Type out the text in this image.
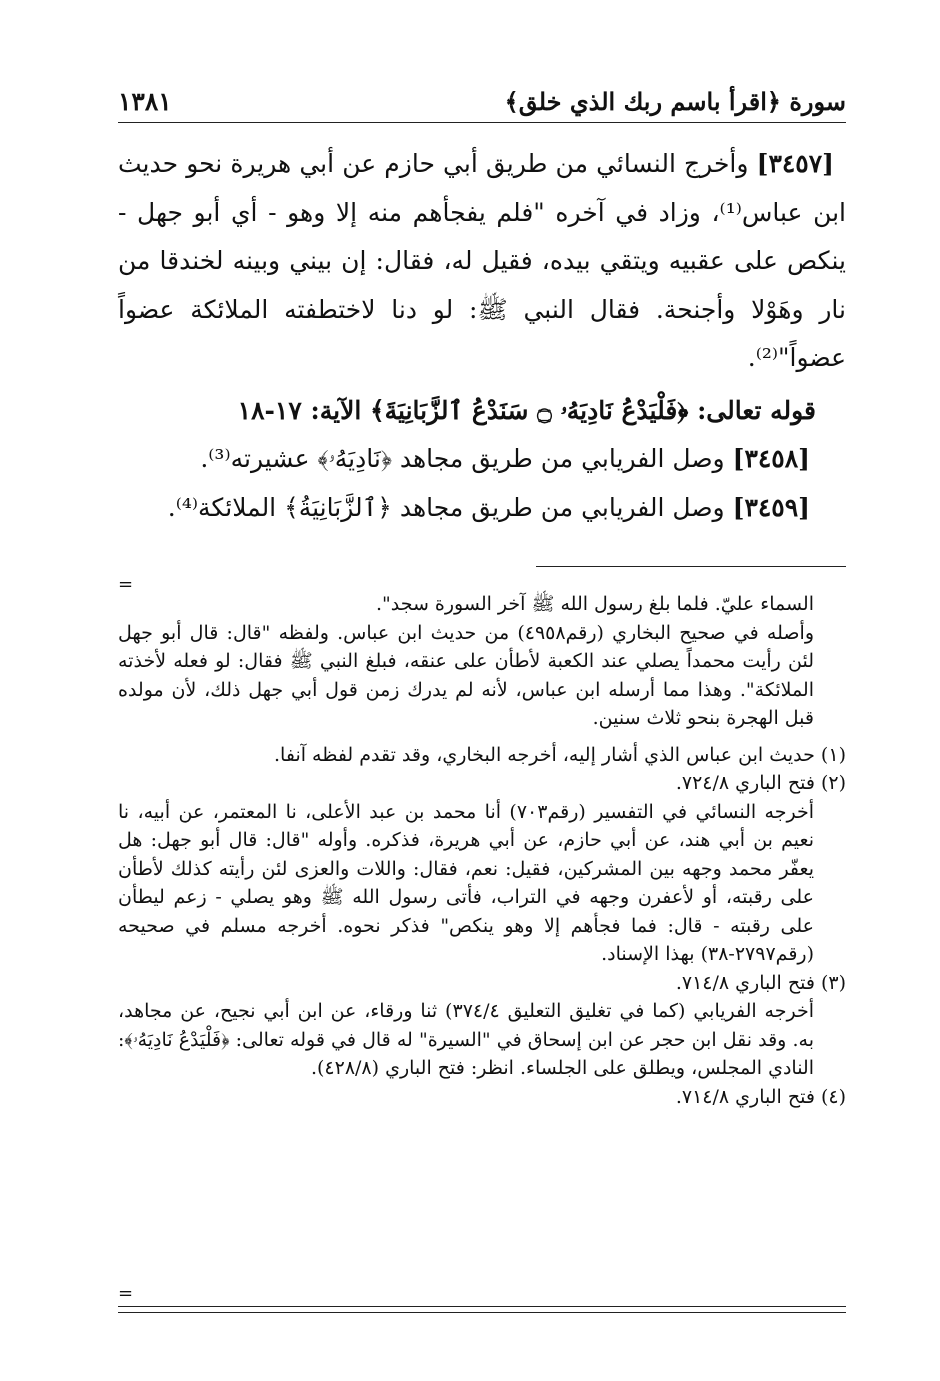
١٣٨١	سورة ﴿اقرأ باسم ربك الذي خلق﴾

[٣٤٥٧] وأخرج النسائي من طريق أبي حازم عن أبي هريرة نحو حديث ابن عباس⁽¹⁾، وزاد في آخره "فلم يفجأهم منه إلا وهو - أي أبو جهل - ينكص على عقبيه ويتقي بيده، فقيل له، فقال: إن بيني وبينه لخندقا من نار وهَوْلا وأجنحة. فقال النبي ﷺ: لو دنا لاختطفته الملائكة عضواً عضواً"⁽²⁾.

قوله تعالى: ﴿فَلْيَدْعُ نَادِيَهُۥ ۝ سَنَدْعُ ٱلزَّبَانِيَةَ﴾ الآية: ١٧-١٨

[٣٤٥٨] وصل الفريابي من طريق مجاهد ﴿نَادِيَهُۥ﴾ عشيرته⁽³⁾.

[٣٤٥٩] وصل الفريابي من طريق مجاهد ﴿ٱلزَّبَانِيَةُ﴾ الملائكة⁽⁴⁾.

=

السماء عليّ. فلما بلغ رسول الله ﷺ آخر السورة سجد".

وأصله في صحيح البخاري (رقم٤٩٥٨) من حديث ابن عباس. ولفظه "قال: قال أبو جهل لئن رأيت محمداً يصلي عند الكعبة لأطأن على عنقه، فبلغ النبي ﷺ فقال: لو فعله لأخذته الملائكة". وهذا مما أرسله ابن عباس، لأنه لم يدرك زمن قول أبي جهل ذلك، لأن مولده قبل الهجرة بنحو ثلاث سنين.

(١) حديث ابن عباس الذي أشار إليه، أخرجه البخاري، وقد تقدم لفظه آنفا.

(٢) فتح الباري ٧٢٤/٨.

أخرجه النسائي في التفسير (رقم٧٠٣) أنا محمد بن عبد الأعلى، نا المعتمر، عن أبيه، نا نعيم بن أبي هند، عن أبي حازم، عن أبي هريرة، فذكره. وأوله "قال: قال أبو جهل: هل يعفّر محمد وجهه بين المشركين، فقيل: نعم، فقال: واللات والعزى لئن رأيته كذلك لأطأن على رقبته، أو لأعفرن وجهه في التراب، فأتى رسول الله ﷺ وهو يصلي - زعم ليطأن على رقبته - قال: فما فجأهم إلا وهو ينكص" فذكر نحوه. أخرجه مسلم في صحيحه (رقم٢٧٩٧-٣٨) بهذا الإسناد.

(٣) فتح الباري ٧١٤/٨.

أخرجه الفريابي (كما في تغليق التعليق ٣٧٤/٤) ثنا ورقاء، عن ابن أبي نجيح، عن مجاهد، به. وقد نقل ابن حجر عن ابن إسحاق في "السيرة" له قال في قوله تعالى: ﴿فَلْيَدْعُ نَادِيَهُۥ﴾: النادي المجلس، ويطلق على الجلساء. انظر: فتح الباري (٤٢٨/٨).

(٤) فتح الباري ٧١٤/٨.

=
